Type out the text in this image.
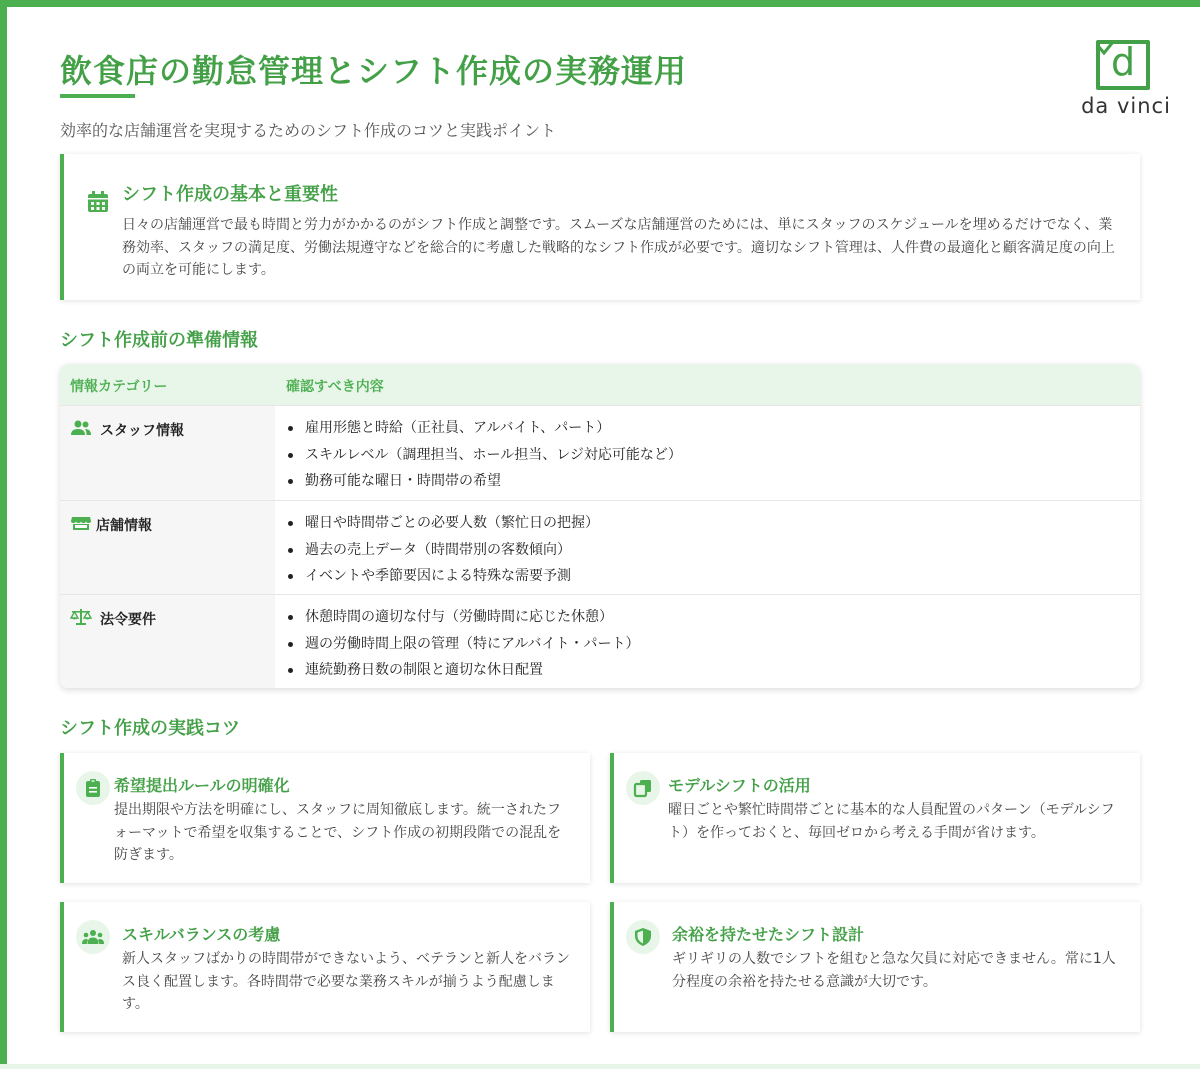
飲食店の勤怠管理とシフト作成の実務運用

効率的な店舗運営を実現するためのシフト作成のコツと実践ポイント

d
da vinci
シフト作成の基本と重要性

日々の店舗運営で最も時間と労力がかかるのがシフト作成と調整です。スムーズな店舗運営のためには、単にスタッフのスケジュールを埋めるだけでなく、業務効率、スタッフの満足度、労働法規遵守などを総合的に考慮した戦略的なシフト作成が必要です。適切なシフト管理は、人件費の最適化と顧客満足度の向上の両立を可能にします。

シフト作成前の準備情報
情報カテゴリー	確認すべき内容
スタッフ情報	雇用形態と時給（正社員、アルバイト、パート）
スキルレベル（調理担当、ホール担当、レジ対応可能など）
勤務可能な曜日・時間帯の希望
店舗情報	曜日や時間帯ごとの必要人数（繁忙日の把握）
過去の売上データ（時間帯別の客数傾向）
イベントや季節要因による特殊な需要予測
法令要件	休憩時間の適切な付与（労働時間に応じた休憩）
週の労働時間上限の管理（特にアルバイト・パート）
連続勤務日数の制限と適切な休日配置
シフト作成の実践コツ
希望提出ルールの明確化

提出期限や方法を明確にし、スタッフに周知徹底します。統一されたフォーマットで希望を収集することで、シフト作成の初期段階での混乱を防ぎます。

モデルシフトの活用

曜日ごとや繁忙時間帯ごとに基本的な人員配置のパターン（モデルシフト）を作っておくと、毎回ゼロから考える手間が省けます。

スキルバランスの考慮

新人スタッフばかりの時間帯ができないよう、ベテランと新人をバランス良く配置します。各時間帯で必要な業務スキルが揃うよう配慮します。

余裕を持たせたシフト設計

ギリギリの人数でシフトを組むと急な欠員に対応できません。常に1人分程度の余裕を持たせる意識が大切です。
